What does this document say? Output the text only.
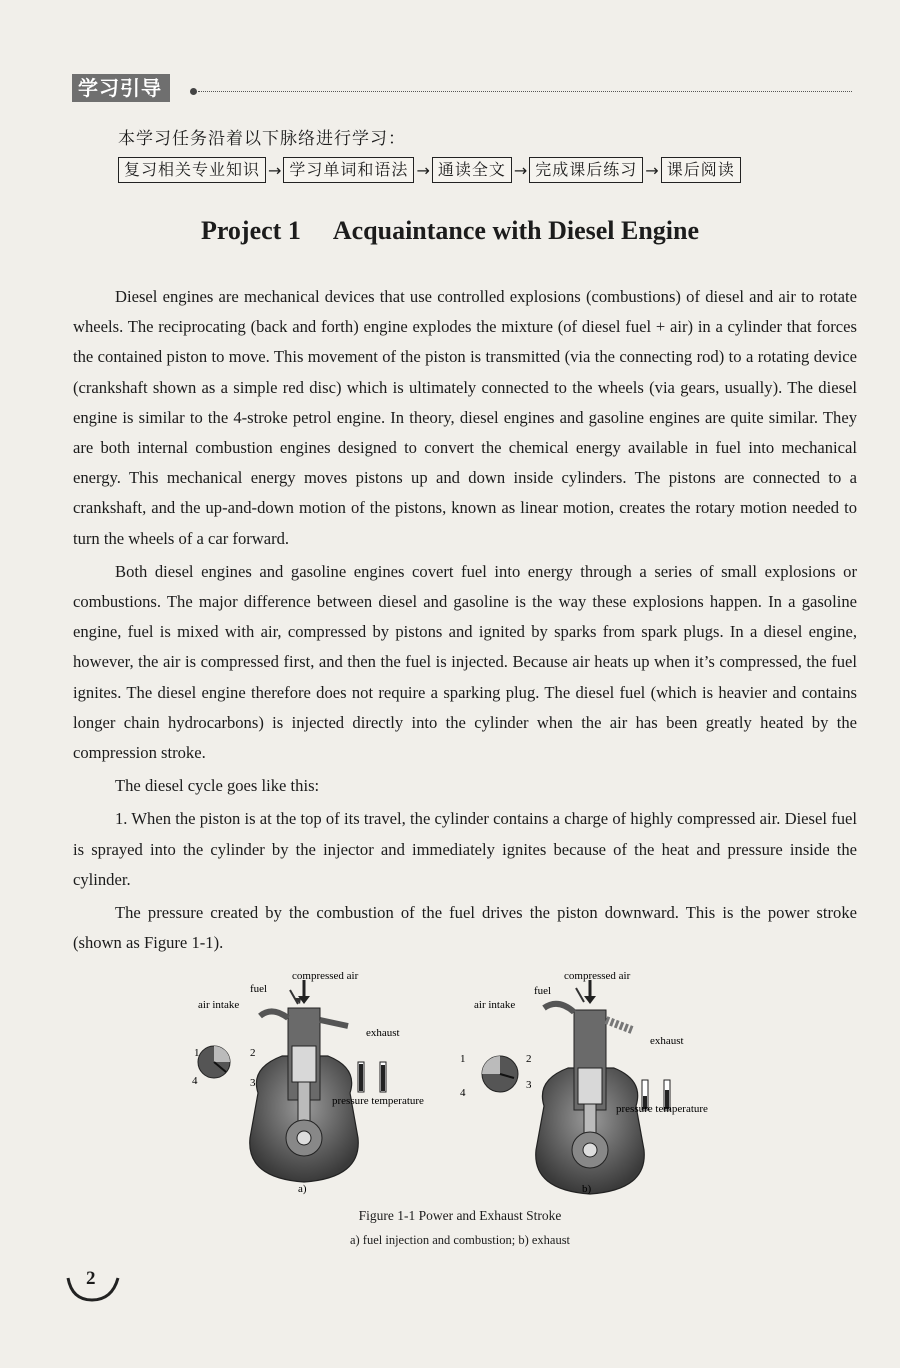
学习引导
本学习任务沿着以下脉络进行学习：
复习相关专业知识 → 学习单词和语法 → 通读全文 → 完成课后练习 → 课后阅读
Project 1 Acquaintance with Diesel Engine

Diesel engines are mechanical devices that use controlled explosions (combustions) of diesel and air to rotate wheels. The reciprocating (back and forth) engine explodes the mixture (of diesel fuel + air) in a cylinder that forces the contained piston to move. This movement of the piston is transmitted (via the connecting rod) to a rotating device (crankshaft shown as a simple red disc) which is ultimately connected to the wheels (via gears, usually). The diesel engine is similar to the 4-stroke petrol engine. In theory, diesel engines and gasoline engines are quite similar. They are both internal combustion engines designed to convert the chemical energy available in fuel into mechanical energy. This mechanical energy moves pistons up and down inside cylinders. The pistons are connected to a crankshaft, and the up-and-down motion of the pistons, known as linear motion, creates the rotary motion needed to turn the wheels of a car forward.

Both diesel engines and gasoline engines covert fuel into energy through a series of small explosions or combustions. The major difference between diesel and gasoline is the way these explosions happen. In a gasoline engine, fuel is mixed with air, compressed by pistons and ignited by sparks from spark plugs. In a diesel engine, however, the air is compressed first, and then the fuel is injected. Because air heats up when it’s compressed, the fuel ignites. The diesel engine therefore does not require a sparking plug. The diesel fuel (which is heavier and contains longer chain hydrocarbons) is injected directly into the cylinder when the air has been greatly heated by the compression stroke.

The diesel cycle goes like this:

1. When the piston is at the top of its travel, the cylinder contains a charge of highly compressed air. Diesel fuel is sprayed into the cylinder by the injector and immediately ignites because of the heat and pressure inside the cylinder.

The pressure created by the combustion of the fuel drives the piston downward. This is the power stroke (shown as Figure 1-1).

compressed air
fuel
air intake
exhaust
pressure temperature
1	2
3
4
a)
compressed air
fuel
air intake
exhaust
pressure temperature
1	2
3
4
b)
Figure 1-1 Power and Exhaust Stroke
a) fuel injection and combustion; b) exhaust
2
